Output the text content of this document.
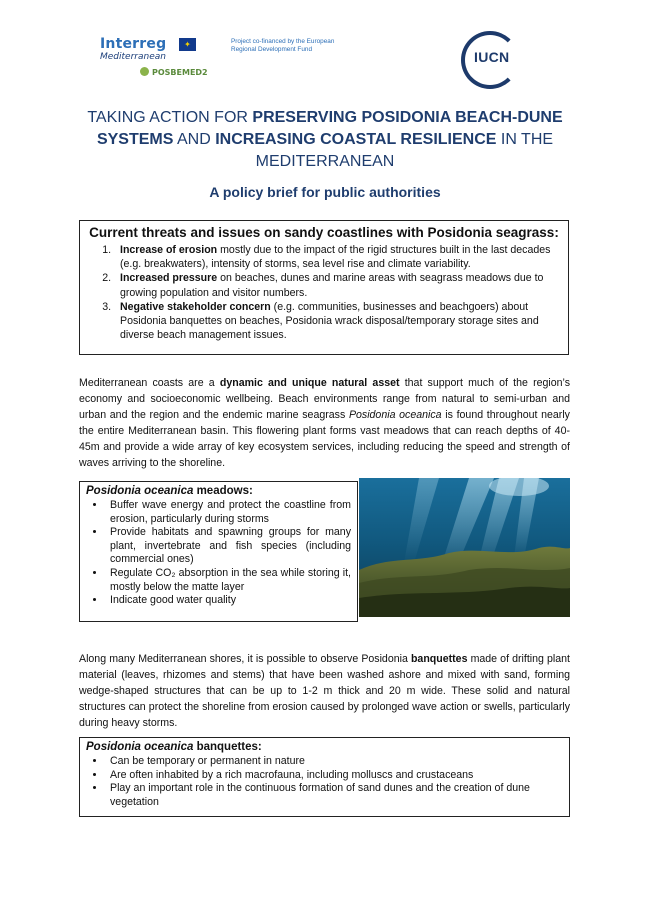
Interreg	✦
Mediterranean
POSBEMED2
Project co-financed by the European
Regional Development Fund	IUCN
TAKING ACTION FOR PRESERVING POSIDONIA BEACH-DUNE SYSTEMS AND INCREASING COASTAL RESILIENCE IN THE MEDITERRANEAN
A policy brief for public authorities
Current threats and issues on sandy coastlines with Posidonia seagrass:
1. Increase of erosion mostly due to the impact of the rigid structures built in the last decades (e.g. breakwaters), intensity of storms, sea level rise and climate variability.
2. Increased pressure on beaches, dunes and marine areas with seagrass meadows due to growing population and visitor numbers.
3. Negative stakeholder concern (e.g. communities, businesses and beachgoers) about Posidonia banquettes on beaches, Posidonia wrack disposal/temporary storage sites and diverse beach management issues.
Mediterranean coasts are a dynamic and unique natural asset that support much of the region’s economy and socioeconomic wellbeing. Beach environments range from natural to semi-urban and urban and the region and the endemic marine seagrass Posidonia oceanica is found throughout nearly the entire Mediterranean basin. This flowering plant forms vast meadows that can reach depths of 40-45m and provide a wide array of key ecosystem services, including reducing the speed and strength of waves arriving to the shoreline.
Posidonia oceanica meadows:
• Buffer wave energy and protect the coastline from erosion, particularly during storms
• Provide habitats and spawning groups for many plant, invertebrate and fish species (including commercial ones)
• Regulate CO₂ absorption in the sea while storing it, mostly below the matte layer
• Indicate good water quality
Along many Mediterranean shores, it is possible to observe Posidonia banquettes made of drifting plant material (leaves, rhizomes and stems) that have been washed ashore and mixed with sand, forming wedge-shaped structures that can be up to 1-2 m thick and 20 m wide. These solid and natural structures can protect the shoreline from erosion caused by prolonged wave action or swells, particularly during heavy storms.
Posidonia oceanica banquettes:
• Can be temporary or permanent in nature
• Are often inhabited by a rich macrofauna, including molluscs and crustaceans
• Play an important role in the continuous formation of sand dunes and the creation of dune vegetation
